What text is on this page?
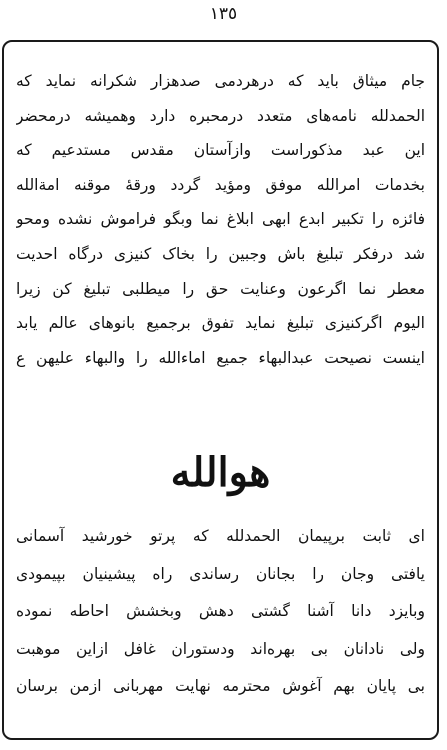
١٣٥
جام میثاق باید که درهردمی صدهزار شکرانه نماید که
الحمدلله نامه‌های متعدد درمحبره دارد وهمیشه درمحضر
این عبد مذکوراست وازآستان مقدس مستدعیم که
بخدمات امرالله موفق ومؤید گردد ورقهٔ موقنه امة‌الله
فائزه را تکبیر ابدع ابهی ابلاغ نما وبگو فراموش نشده ومحو
شد درفکر تبلیغ باش وجبین را بخاک کنیزی درگاه احدیت
معطر نما اگرعون وعنایت حق را میطلبی تبلیغ کن زیرا
الیوم اگرکنیزی تبلیغ نماید تفوق برجمیع بانوهای عالم یابد
اینست نصیحت عبدالبهاء جمیع اماءالله را والبهاء علیهن ع
هوالله
ای ثابت برپیمان الحمدلله که پرتو خورشید آسمانی
یافتی وجان را بجانان رساندی راه پیشینیان بپیمودی
وبایزد دانا آشنا گشتی دهش وبخشش احاطه نموده
ولی نادانان بی بهره‌اند ودستوران غافل ازاین موهبت
بی پایان بهم آغوش محترمه نهایت مهربانی ازمن برسان
